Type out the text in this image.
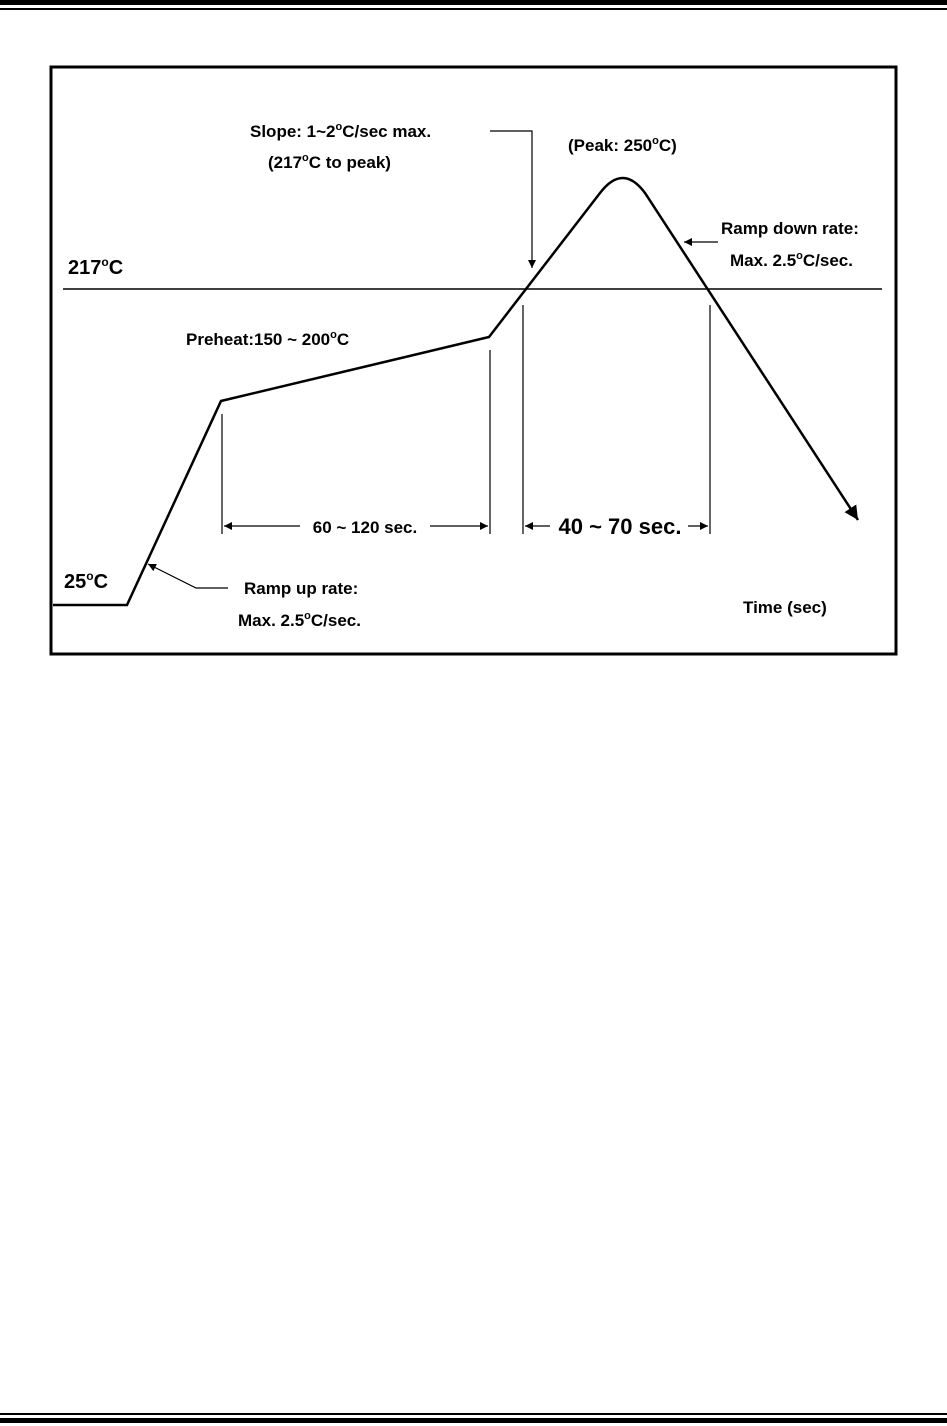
Slope: 1~2$^o$C/sec max.
(217$^o$C to peak)
(Peak: 250$^o$C)
Ramp down rate:
Max. 2.5$^o$C/sec.
217$^o$C
Preheat:150 ~ 200$^o$C
60 ~ 120 sec.	40 ~ 70 sec.
25$^o$C	Ramp up rate:
Max. 2.5$^o$C/sec.
Time (sec)
